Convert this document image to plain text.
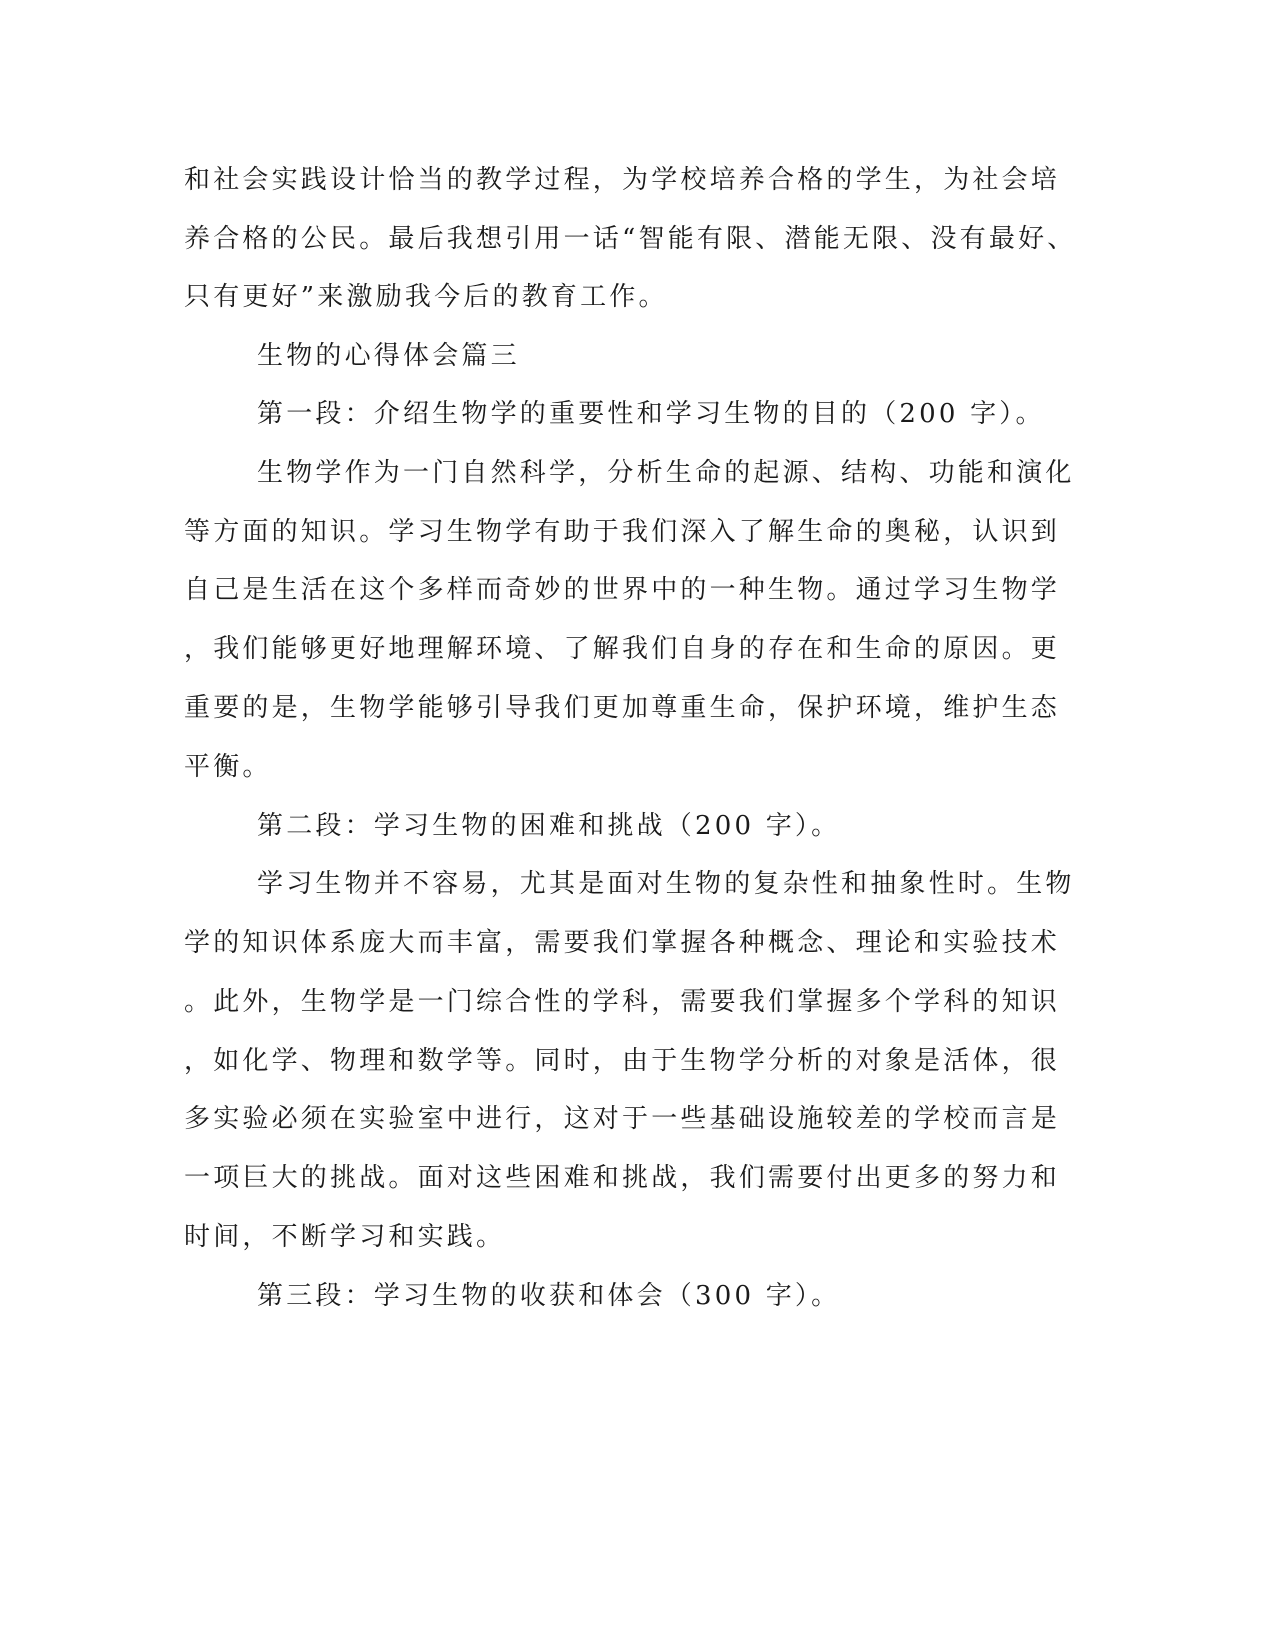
和社会实践设计恰当的教学过程，为学校培养合格的学生，为社会培
养合格的公民。最后我想引用一话“智能有限、潜能无限、没有最好、
只有更好”来激励我今后的教育工作。
生物的心得体会篇三
第一段：介绍生物学的重要性和学习生物的目的（200 字）。
生物学作为一门自然科学，分析生命的起源、结构、功能和演化
等方面的知识。学习生物学有助于我们深入了解生命的奥秘，认识到
自己是生活在这个多样而奇妙的世界中的一种生物。通过学习生物学
，我们能够更好地理解环境、了解我们自身的存在和生命的原因。更
重要的是，生物学能够引导我们更加尊重生命，保护环境，维护生态
平衡。
第二段：学习生物的困难和挑战（200 字）。
学习生物并不容易，尤其是面对生物的复杂性和抽象性时。生物
学的知识体系庞大而丰富，需要我们掌握各种概念、理论和实验技术
。此外，生物学是一门综合性的学科，需要我们掌握多个学科的知识
，如化学、物理和数学等。同时，由于生物学分析的对象是活体，很
多实验必须在实验室中进行，这对于一些基础设施较差的学校而言是
一项巨大的挑战。面对这些困难和挑战，我们需要付出更多的努力和
时间，不断学习和实践。
第三段：学习生物的收获和体会（300 字）。
